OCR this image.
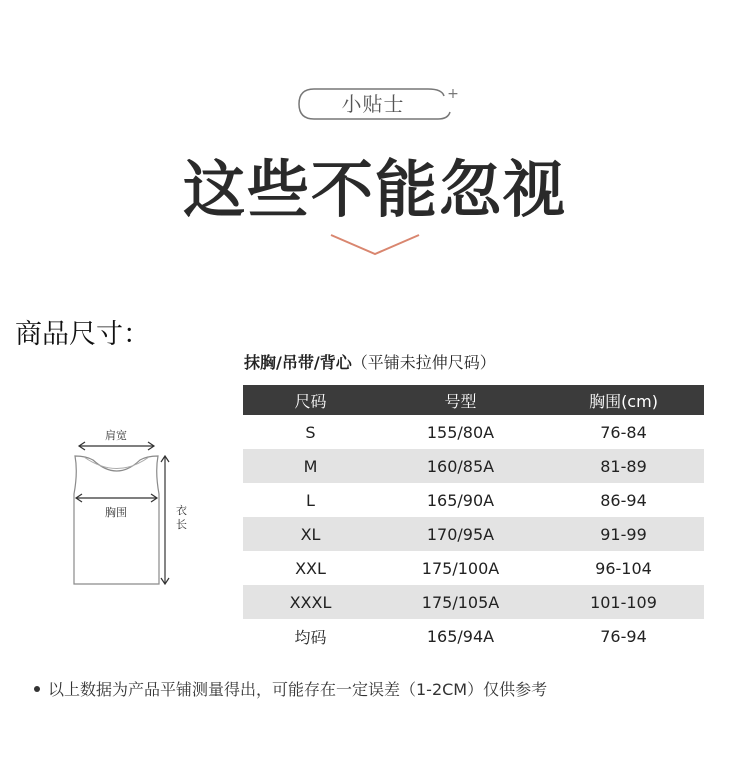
+
小贴士
这些不能忽视
商品尺寸：
肩宽
胸围	衣
长
抹胸/吊带/背心（平铺未拉伸尺码）
尺码	号型	胸围(cm)
S	155/80A	76-84
M	160/85A	81-89
L	165/90A	86-94
XL	170/95A	91-99
XXL	175/100A	96-104
XXXL	175/105A	101-109
均码	165/94A	76-94
以上数据为产品平铺测量得出，可能存在一定误差（1-2CM）仅供参考
